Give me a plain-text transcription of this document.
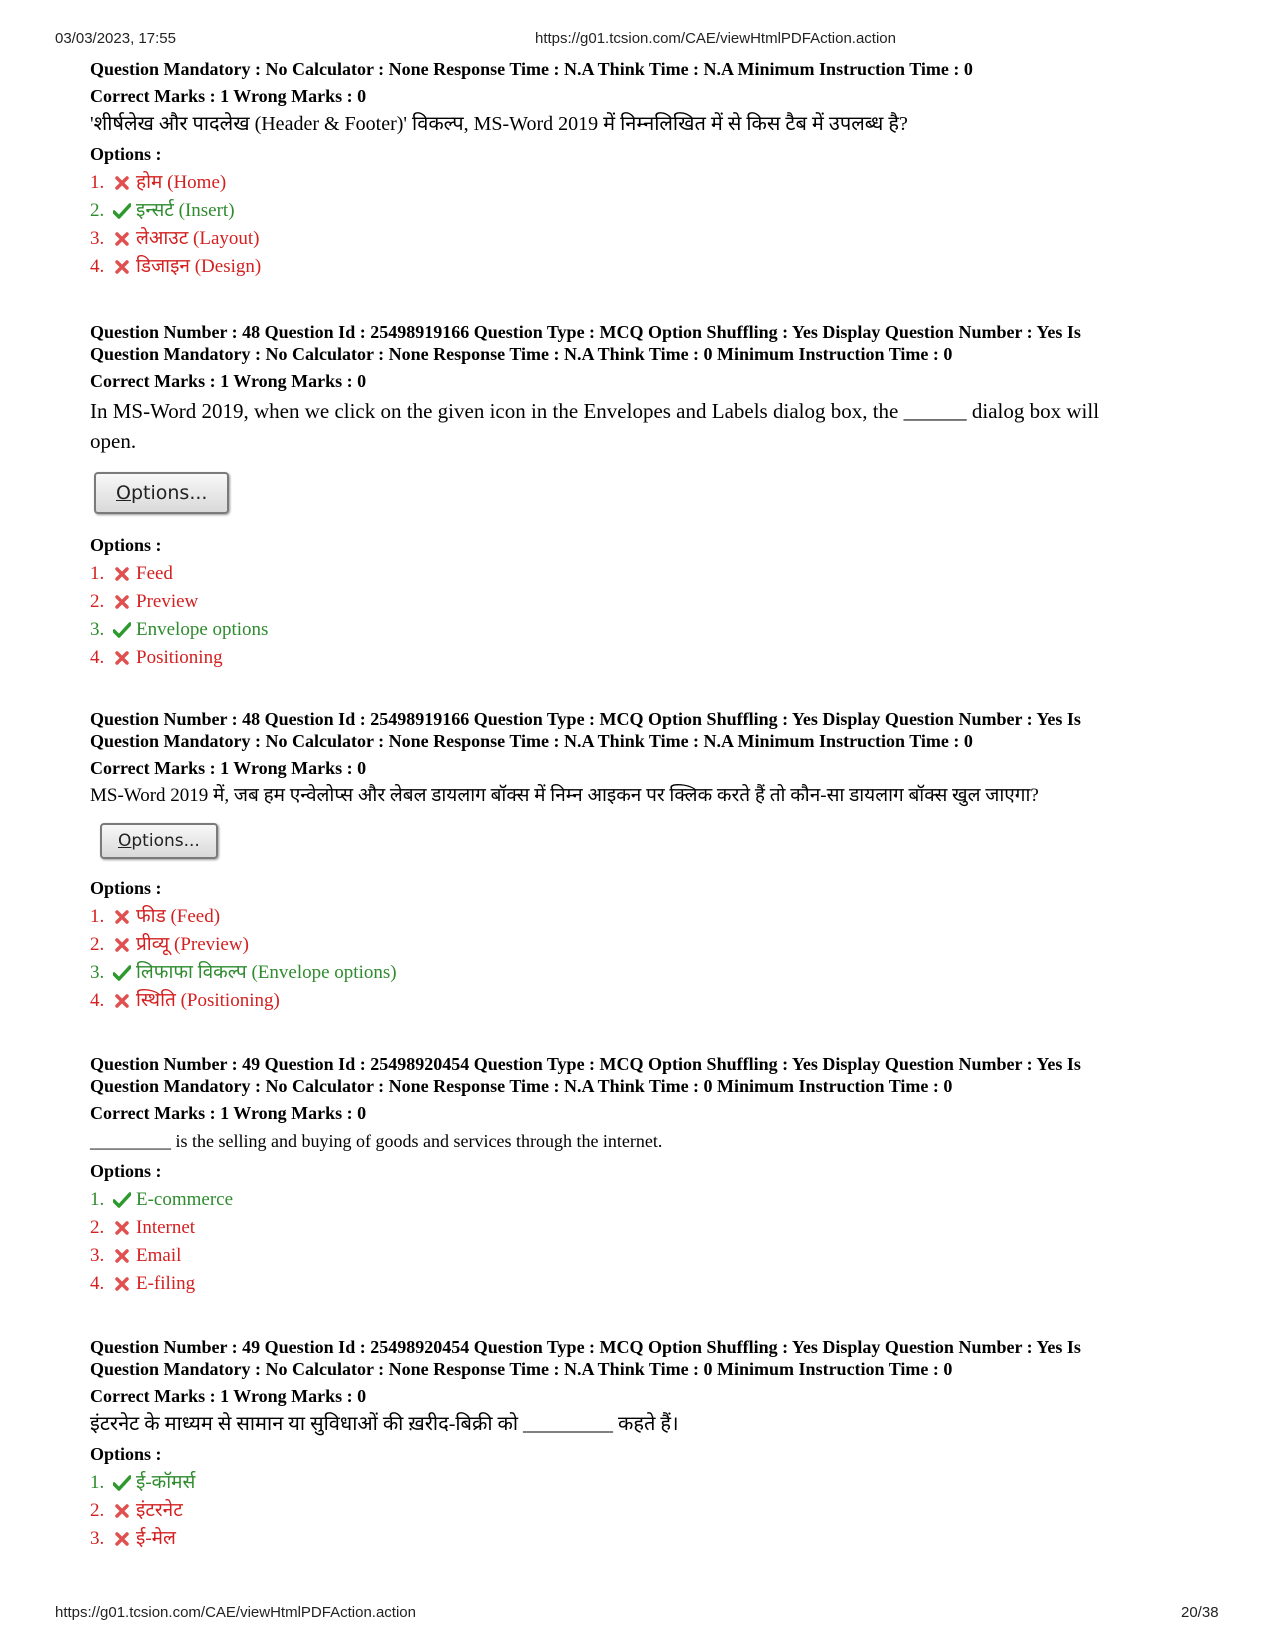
03/03/2023, 17:55	https://g01.tcsion.com/CAE/viewHtmlPDFAction.action

Question Mandatory : No Calculator : None Response Time : N.A Think Time : N.A Minimum Instruction Time : 0

Correct Marks : 1 Wrong Marks : 0

'शीर्षलेख और पादलेख (Header & Footer)' विकल्प, MS-Word 2019 में निम्नलिखित में से किस टैब में उपलब्ध है?

Options :

1.	होम (Home)
2.	इन्सर्ट (Insert)
3.	लेआउट (Layout)
4.	डिजाइन (Design)

Question Number : 48 Question Id : 25498919166 Question Type : MCQ Option Shuffling : Yes Display Question Number : Yes Is

Question Mandatory : No Calculator : None Response Time : N.A Think Time : 0 Minimum Instruction Time : 0

Correct Marks : 1 Wrong Marks : 0

In MS-Word 2019, when we click on the given icon in the Envelopes and Labels dialog box, the ______ dialog box will open.

Options...

Options :

1.	Feed
2.	Preview
3.	Envelope options
4.	Positioning

Question Number : 48 Question Id : 25498919166 Question Type : MCQ Option Shuffling : Yes Display Question Number : Yes Is

Question Mandatory : No Calculator : None Response Time : N.A Think Time : N.A Minimum Instruction Time : 0

Correct Marks : 1 Wrong Marks : 0

MS-Word 2019 में, जब हम एन्वेलोप्स और लेबल डायलाग बॉक्स में निम्न आइकन पर क्लिक करते हैं तो कौन-सा डायलाग बॉक्स खुल जाएगा?

Options...

Options :

1.	फीड (Feed)
2.	प्रीव्यू (Preview)
3.	लिफाफा विकल्प (Envelope options)
4.	स्थिति (Positioning)

Question Number : 49 Question Id : 25498920454 Question Type : MCQ Option Shuffling : Yes Display Question Number : Yes Is

Question Mandatory : No Calculator : None Response Time : N.A Think Time : 0 Minimum Instruction Time : 0

Correct Marks : 1 Wrong Marks : 0

_________ is the selling and buying of goods and services through the internet.

Options :

1.	E-commerce
2.	Internet
3.	Email
4.	E-filing

Question Number : 49 Question Id : 25498920454 Question Type : MCQ Option Shuffling : Yes Display Question Number : Yes Is

Question Mandatory : No Calculator : None Response Time : N.A Think Time : 0 Minimum Instruction Time : 0

Correct Marks : 1 Wrong Marks : 0

इंटरनेट के माध्यम से सामान या सुविधाओं की ख़रीद-बिक्री को _________ कहते हैं।

Options :

1.	ई-कॉमर्स
2.	इंटरनेट
3.	ई-मेल
https://g01.tcsion.com/CAE/viewHtmlPDFAction.action	20/38
